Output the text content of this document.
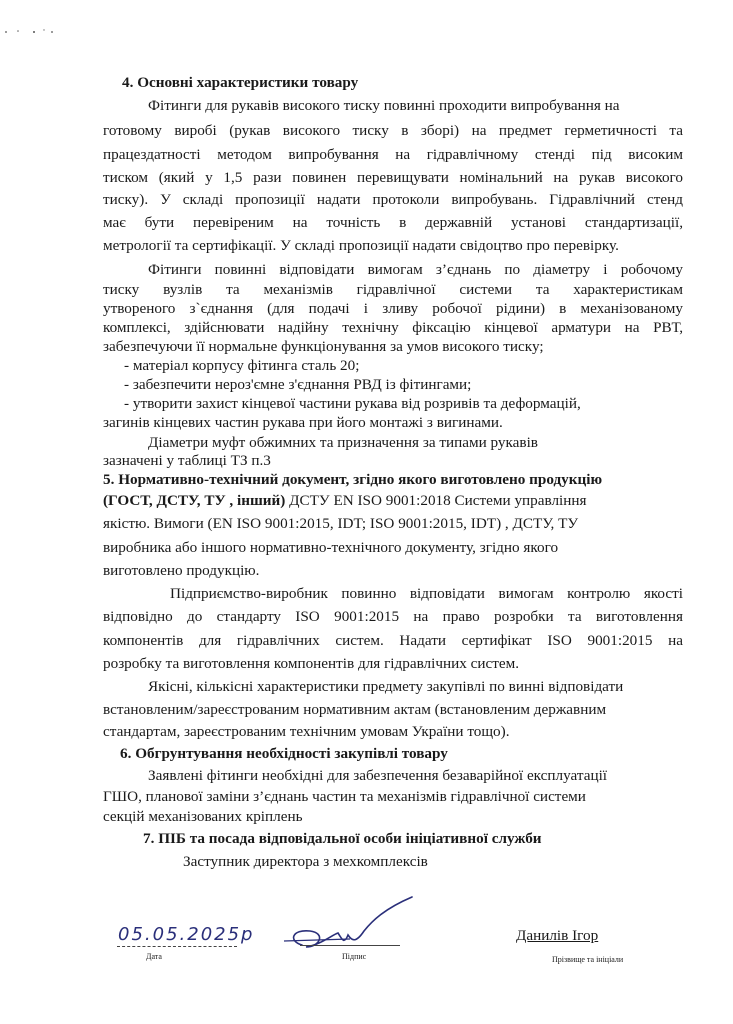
4. Основні характеристики товару
Фітинги для рукавів високого тиску повинні проходити випробування на
готовому виробі (рукав високого тиску в зборі) на предмет герметичності та
працездатності методом випробування на гідравлічному стенді під високим
тиском (який у 1,5 рази повинен перевищувати номінальний на рукав високого
тиску). У складі пропозиції надати протоколи випробувань. Гідравлічний стенд
має бути перевіреним на точність в державній установі стандартизації,
метрології та сертифікації. У складі пропозиції надати свідоцтво про перевірку.
Фітинги повинні відповідати вимогам з’єднань по діаметру і робочому
тиску вузлів та механізмів гідравлічної системи та характеристикам
утвореного з`єднання (для подачі і зливу робочої рідини) в механізованому
комплексі, здійснювати надійну технічну фіксацію кінцевої арматури на РВТ,
забезпечуючи її нормальне функціонування за умов високого тиску;
- матеріал корпусу фітинга сталь 20;
- забезпечити нероз'ємне з'єднання РВД із фітингами;
- утворити захист кінцевої частини рукава від розривів та деформацій,
загинів кінцевих частин рукава при його монтажі з вигинами.
Діаметри муфт обжимних та призначення за типами рукавів
зазначені у таблиці ТЗ п.3
5. Нормативно-технічний документ, згідно якого виготовлено продукцію
(ГОСТ, ДСТУ, ТУ , інший) ДСТУ EN ISO 9001:2018 Системи управління
якістю. Вимоги (EN ISO 9001:2015, IDT; ISO 9001:2015, IDT) , ДСТУ, ТУ
виробника або іншого нормативно-технічного документу, згідно якого
виготовлено продукцію.
Підприємство-виробник повинно відповідати вимогам контролю якості
відповідно до стандарту ISO 9001:2015 на право розробки та виготовлення
компонентів для гідравлічних систем. Надати сертифікат ISO 9001:2015 на
розробку та виготовлення компонентів для гідравлічних систем.
Якісні, кількісні характеристики предмету закупівлі по винні відповідати
встановленим/зареєстрованим нормативним актам (встановленим державним
стандартам, зареєстрованим технічним умовам України тощо).
6. Обгрунтування необхідності закупівлі товару
Заявлені фітинги необхідні для забезпечення безаварійної експлуатації
ГШО, планової заміни з’єднань частин та механізмів гідравлічної системи
секцій механізованих кріплень
7. ПІБ та посада відповідальної особи ініціативної служби
Заступник директора з мехкомплексів
05.05.2025р
Дата	Підпис
Данилів Ігор
Прізвище та ініціали
